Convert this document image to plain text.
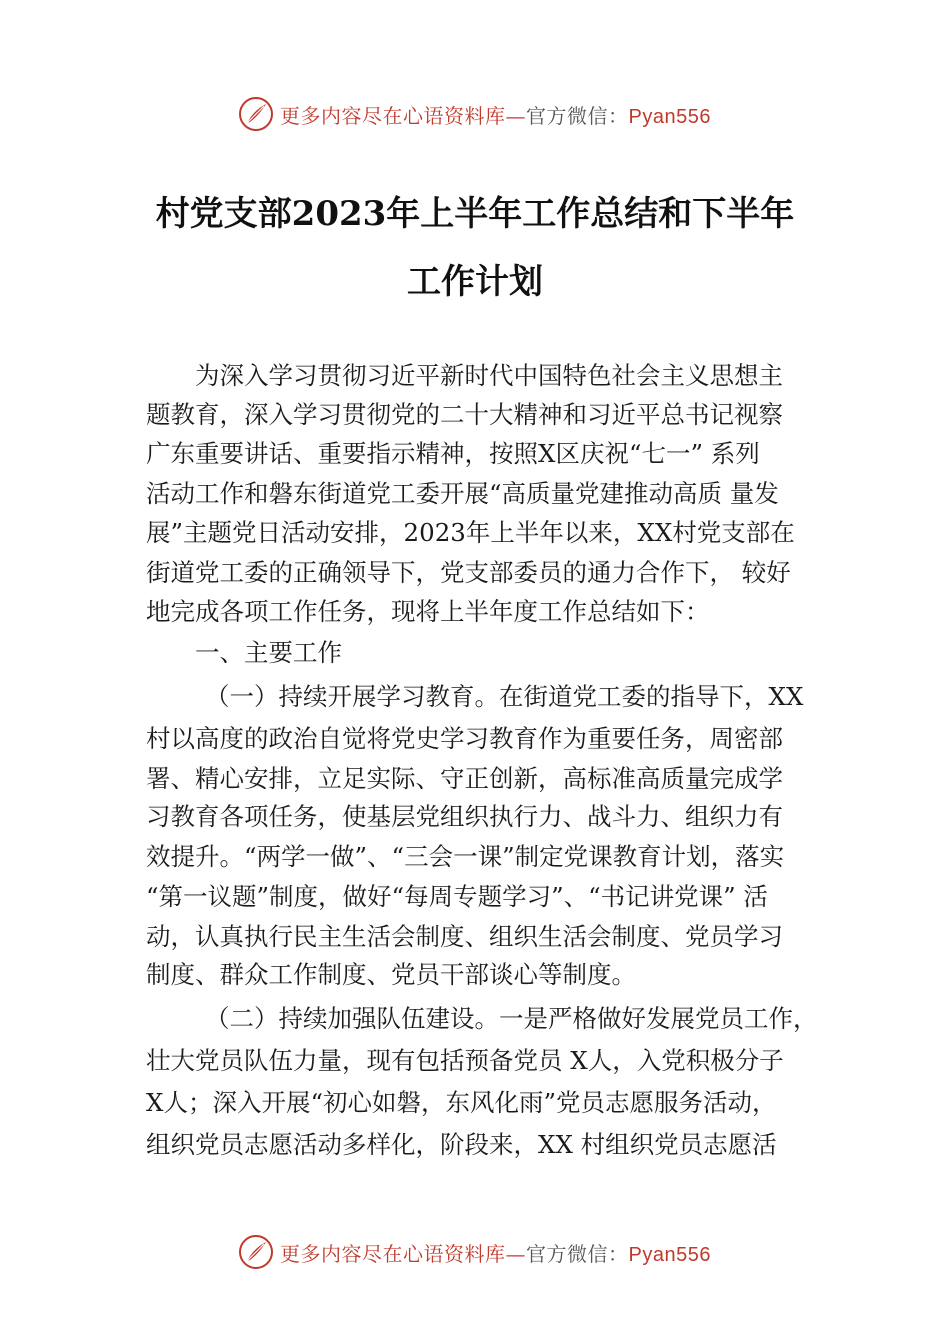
更多内容尽在心语资料库—官方微信：Pyan556
村党支部2023年上半年工作总结和下半年
工作计划
为深入学习贯彻习近平新时代中国特色社会主义思想主
题教育，深入学习贯彻党的二十大精神和习近平总书记视察
广东重要讲话、重要指示精神，按照X区庆祝“七一” 系列
活动工作和磐东街道党工委开展“高质量党建推动高质 量发
展”主题党日活动安排，2023年上半年以来，XX村党支部在
街道党工委的正确领导下，党支部委员的通力合作下， 较好
地完成各项工作任务，现将上半年度工作总结如下：
一、主要工作
（一）持续开展学习教育。在街道党工委的指导下，XX
村以高度的政治自觉将党史学习教育作为重要任务，周密部
署、精心安排，立足实际、守正创新，高标准高质量完成学
习教育各项任务，使基层党组织执行力、战斗力、组织力有
效提升。“两学一做”、“三会一课”制定党课教育计划，落实
“第一议题”制度，做好“每周专题学习”、“书记讲党课” 活
动，认真执行民主生活会制度、组织生活会制度、党员学习
制度、群众工作制度、党员干部谈心等制度。
（二）持续加强队伍建设。一是严格做好发展党员工作，
壮大党员队伍力量，现有包括预备党员 X人，入党积极分子
X人；深入开展“初心如磐，东风化雨”党员志愿服务活动，
组织党员志愿活动多样化，阶段来，XX 村组织党员志愿活
更多内容尽在心语资料库—官方微信：Pyan556
